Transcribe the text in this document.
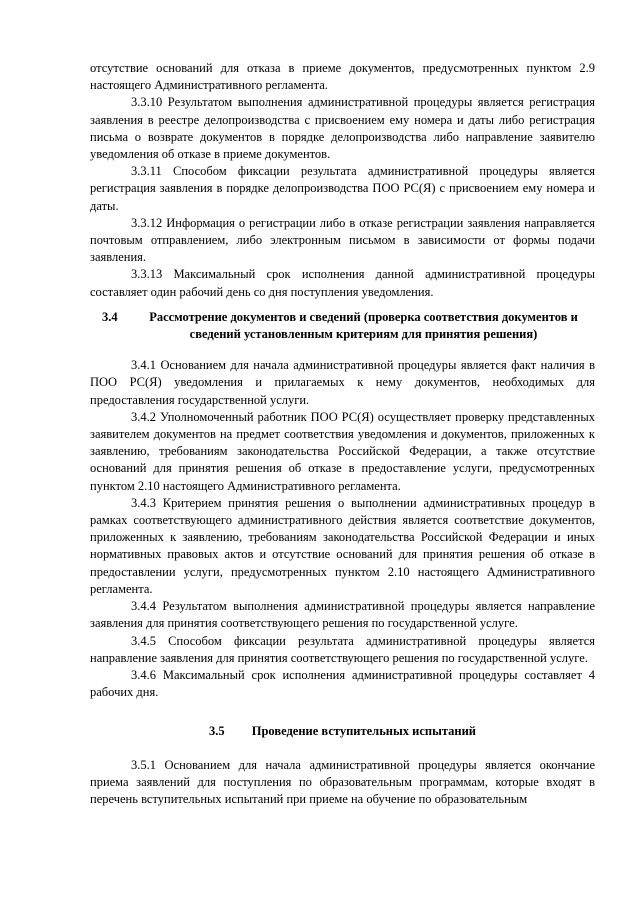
отсутствие оснований для отказа в приеме документов, предусмотренных пунктом 2.9 настоящего Административного регламента.

3.3.10 Результатом выполнения административной процедуры является регистрация заявления в реестре делопроизводства с присвоением ему номера и даты либо регистрация письма о возврате документов в порядке делопроизводства либо направление заявителю уведомления об отказе в приеме документов.

3.3.11 Способом фиксации результата административной процедуры является регистрация заявления в порядке делопроизводства ПОО РС(Я) с присвоением ему номера и даты.

3.3.12 Информация о регистрации либо в отказе регистрации заявления направляется почтовым отправлением, либо электронным письмом в зависимости от формы подачи заявления.

3.3.13 Максимальный срок исполнения данной административной процедуры составляет один рабочий день со дня поступления уведомления.

3.4	Рассмотрение документов и сведений (проверка соответствия документов и сведений установленным критериям для принятия решения)

3.4.1 Основанием для начала административной процедуры является факт наличия в ПОО РС(Я) уведомления и прилагаемых к нему документов, необходимых для предоставления государственной услуги.

3.4.2 Уполномоченный работник ПОО РС(Я) осуществляет проверку представленных заявителем документов на предмет соответствия уведомления и документов, приложенных к заявлению, требованиям законодательства Российской Федерации, а также отсутствие оснований для принятия решения об отказе в предоставление услуги, предусмотренных пунктом 2.10 настоящего Административного регламента.

3.4.3 Критерием принятия решения о выполнении административных процедур в рамках соответствующего административного действия является соответствие документов, приложенных к заявлению, требованиям законодательства Российской Федерации и иных нормативных правовых актов и отсутствие оснований для принятия решения об отказе в предоставлении услуги, предусмотренных пунктом 2.10 настоящего Административного регламента.

3.4.4 Результатом выполнения административной процедуры является направление заявления для принятия соответствующего решения по государственной услуге.

3.4.5 Способом фиксации результата административной процедуры является направление заявления для принятия соответствующего решения по государственной услуге.

3.4.6 Максимальный срок исполнения административной процедуры составляет 4 рабочих дня.

3.5 Проведение вступительных испытаний

3.5.1 Основанием для начала административной процедуры является окончание приема заявлений для поступления по образовательным программам, которые входят в перечень вступительных испытаний при приеме на обучение по образовательным
